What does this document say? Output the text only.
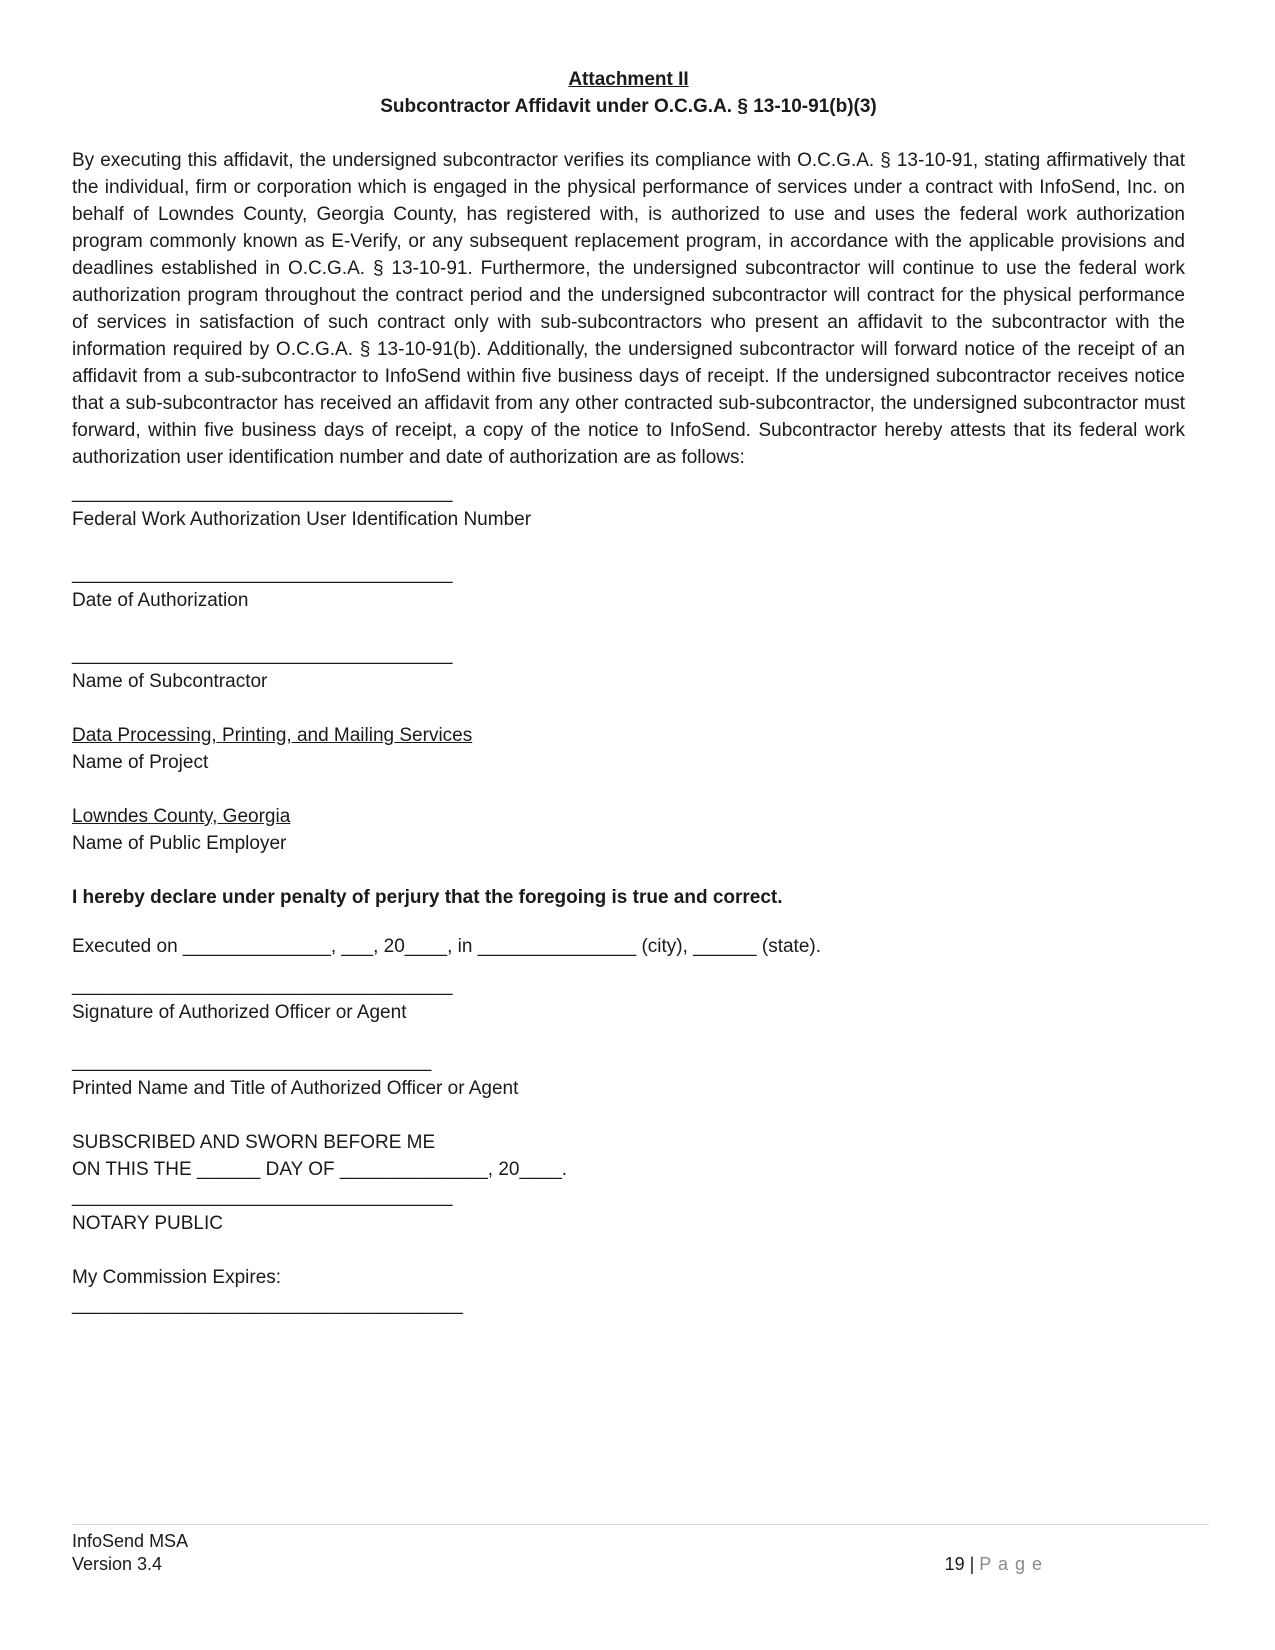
Attachment II
Subcontractor Affidavit under O.C.G.A. § 13-10-91(b)(3)
By executing this affidavit, the undersigned subcontractor verifies its compliance with O.C.G.A. § 13-10-91, stating affirmatively that the individual, firm or corporation which is engaged in the physical performance of services under a contract with InfoSend, Inc. on behalf of Lowndes County, Georgia County, has registered with, is authorized to use and uses the federal work authorization program commonly known as E-Verify, or any subsequent replacement program, in accordance with the applicable provisions and deadlines established in O.C.G.A. § 13-10-91. Furthermore, the undersigned subcontractor will continue to use the federal work authorization program throughout the contract period and the undersigned subcontractor will contract for the physical performance of services in satisfaction of such contract only with sub-subcontractors who present an affidavit to the subcontractor with the information required by O.C.G.A. § 13-10-91(b). Additionally, the undersigned subcontractor will forward notice of the receipt of an affidavit from a sub-subcontractor to InfoSend within five business days of receipt. If the undersigned subcontractor receives notice that a sub-subcontractor has received an affidavit from any other contracted sub-subcontractor, the undersigned subcontractor must forward, within five business days of receipt, a copy of the notice to InfoSend. Subcontractor hereby attests that its federal work authorization user identification number and date of authorization are as follows:
____________________________________
Federal Work Authorization User Identification Number
____________________________________
Date of Authorization
____________________________________
Name of Subcontractor
Data Processing, Printing, and Mailing Services
Name of Project
Lowndes County, Georgia
Name of Public Employer
I hereby declare under penalty of perjury that the foregoing is true and correct.
Executed on ______________, ___, 20____, in _______________ (city), ______ (state).
____________________________________
Signature of Authorized Officer or Agent
__________________________________
Printed Name and Title of Authorized Officer or Agent
SUBSCRIBED AND SWORN BEFORE ME
ON THIS THE ______ DAY OF ______________, 20____.
____________________________________
NOTARY PUBLIC
My Commission Expires:
_____________________________________
InfoSend MSA
Version 3.4	19 | P a g e
